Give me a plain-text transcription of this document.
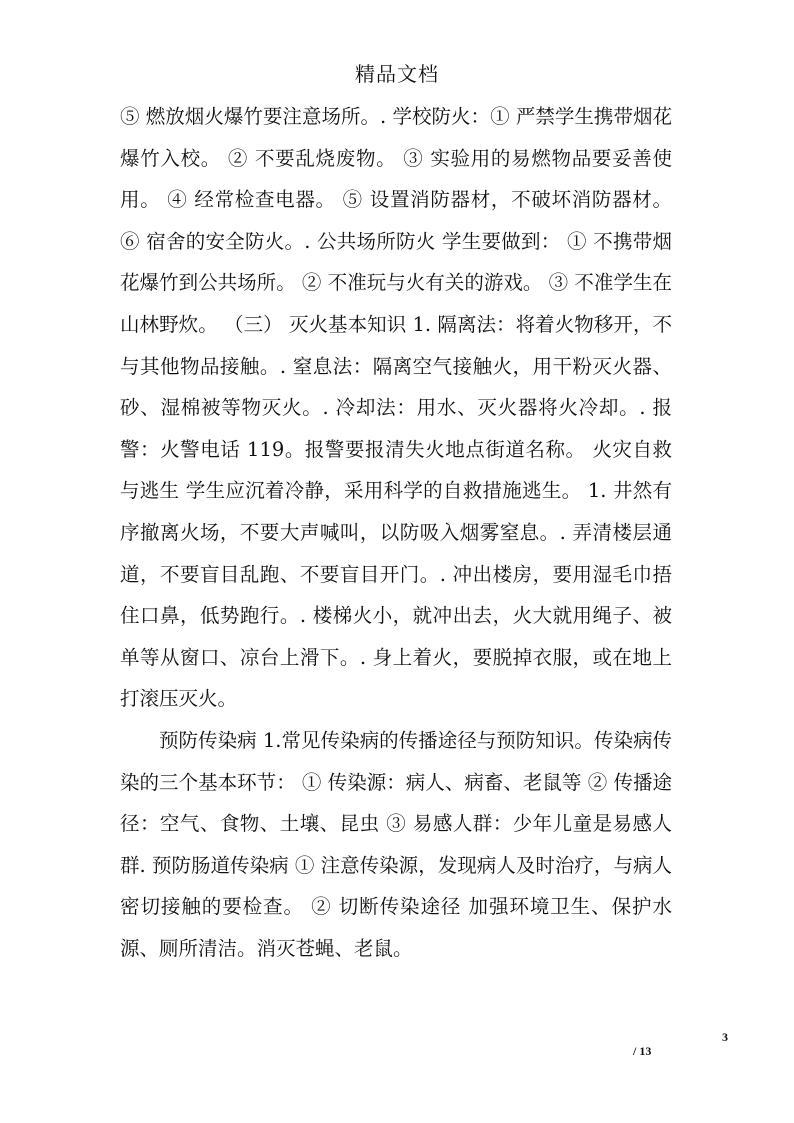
精品文档

⑤ 燃放烟火爆竹要注意场所。. 学校防火：① 严禁学生携带烟花爆竹入校。 ② 不要乱烧废物。 ③ 实验用的易燃物品要妥善使用。 ④ 经常检查电器。 ⑤ 设置消防器材，不破坏消防器材。 ⑥ 宿舍的安全防火。. 公共场所防火 学生要做到： ① 不携带烟花爆竹到公共场所。 ② 不准玩与火有关的游戏。 ③ 不准学生在山林野炊。 （三） 灭火基本知识 1. 隔离法：将着火物移开，不与其他物品接触。. 窒息法：隔离空气接触火，用干粉灭火器、砂、湿棉被等物灭火。. 冷却法：用水、灭火器将火冷却。. 报警：火警电话 119。报警要报清失火地点街道名称。 火灾自救与逃生 学生应沉着冷静，采用科学的自救措施逃生。 1. 井然有序撤离火场，不要大声喊叫，以防吸入烟雾窒息。. 弄清楼层通道，不要盲目乱跑、不要盲目开门。. 冲出楼房，要用湿毛巾捂住口鼻，低势跑行。. 楼梯火小，就冲出去，火大就用绳子、被单等从窗口、凉台上滑下。. 身上着火，要脱掉衣服，或在地上打滚压灭火。

预防传染病 1.常见传染病的传播途径与预防知识。传染病传染的三个基本环节： ① 传染源：病人、病畜、老鼠等 ② 传播途径：空气、食物、土壤、昆虫 ③ 易感人群：少年儿童是易感人群. 预防肠道传染病 ① 注意传染源，发现病人及时治疗，与病人密切接触的要检查。 ② 切断传染途径 加强环境卫生、保护水源、厕所清洁。消灭苍蝇、老鼠。

3
/ 13
